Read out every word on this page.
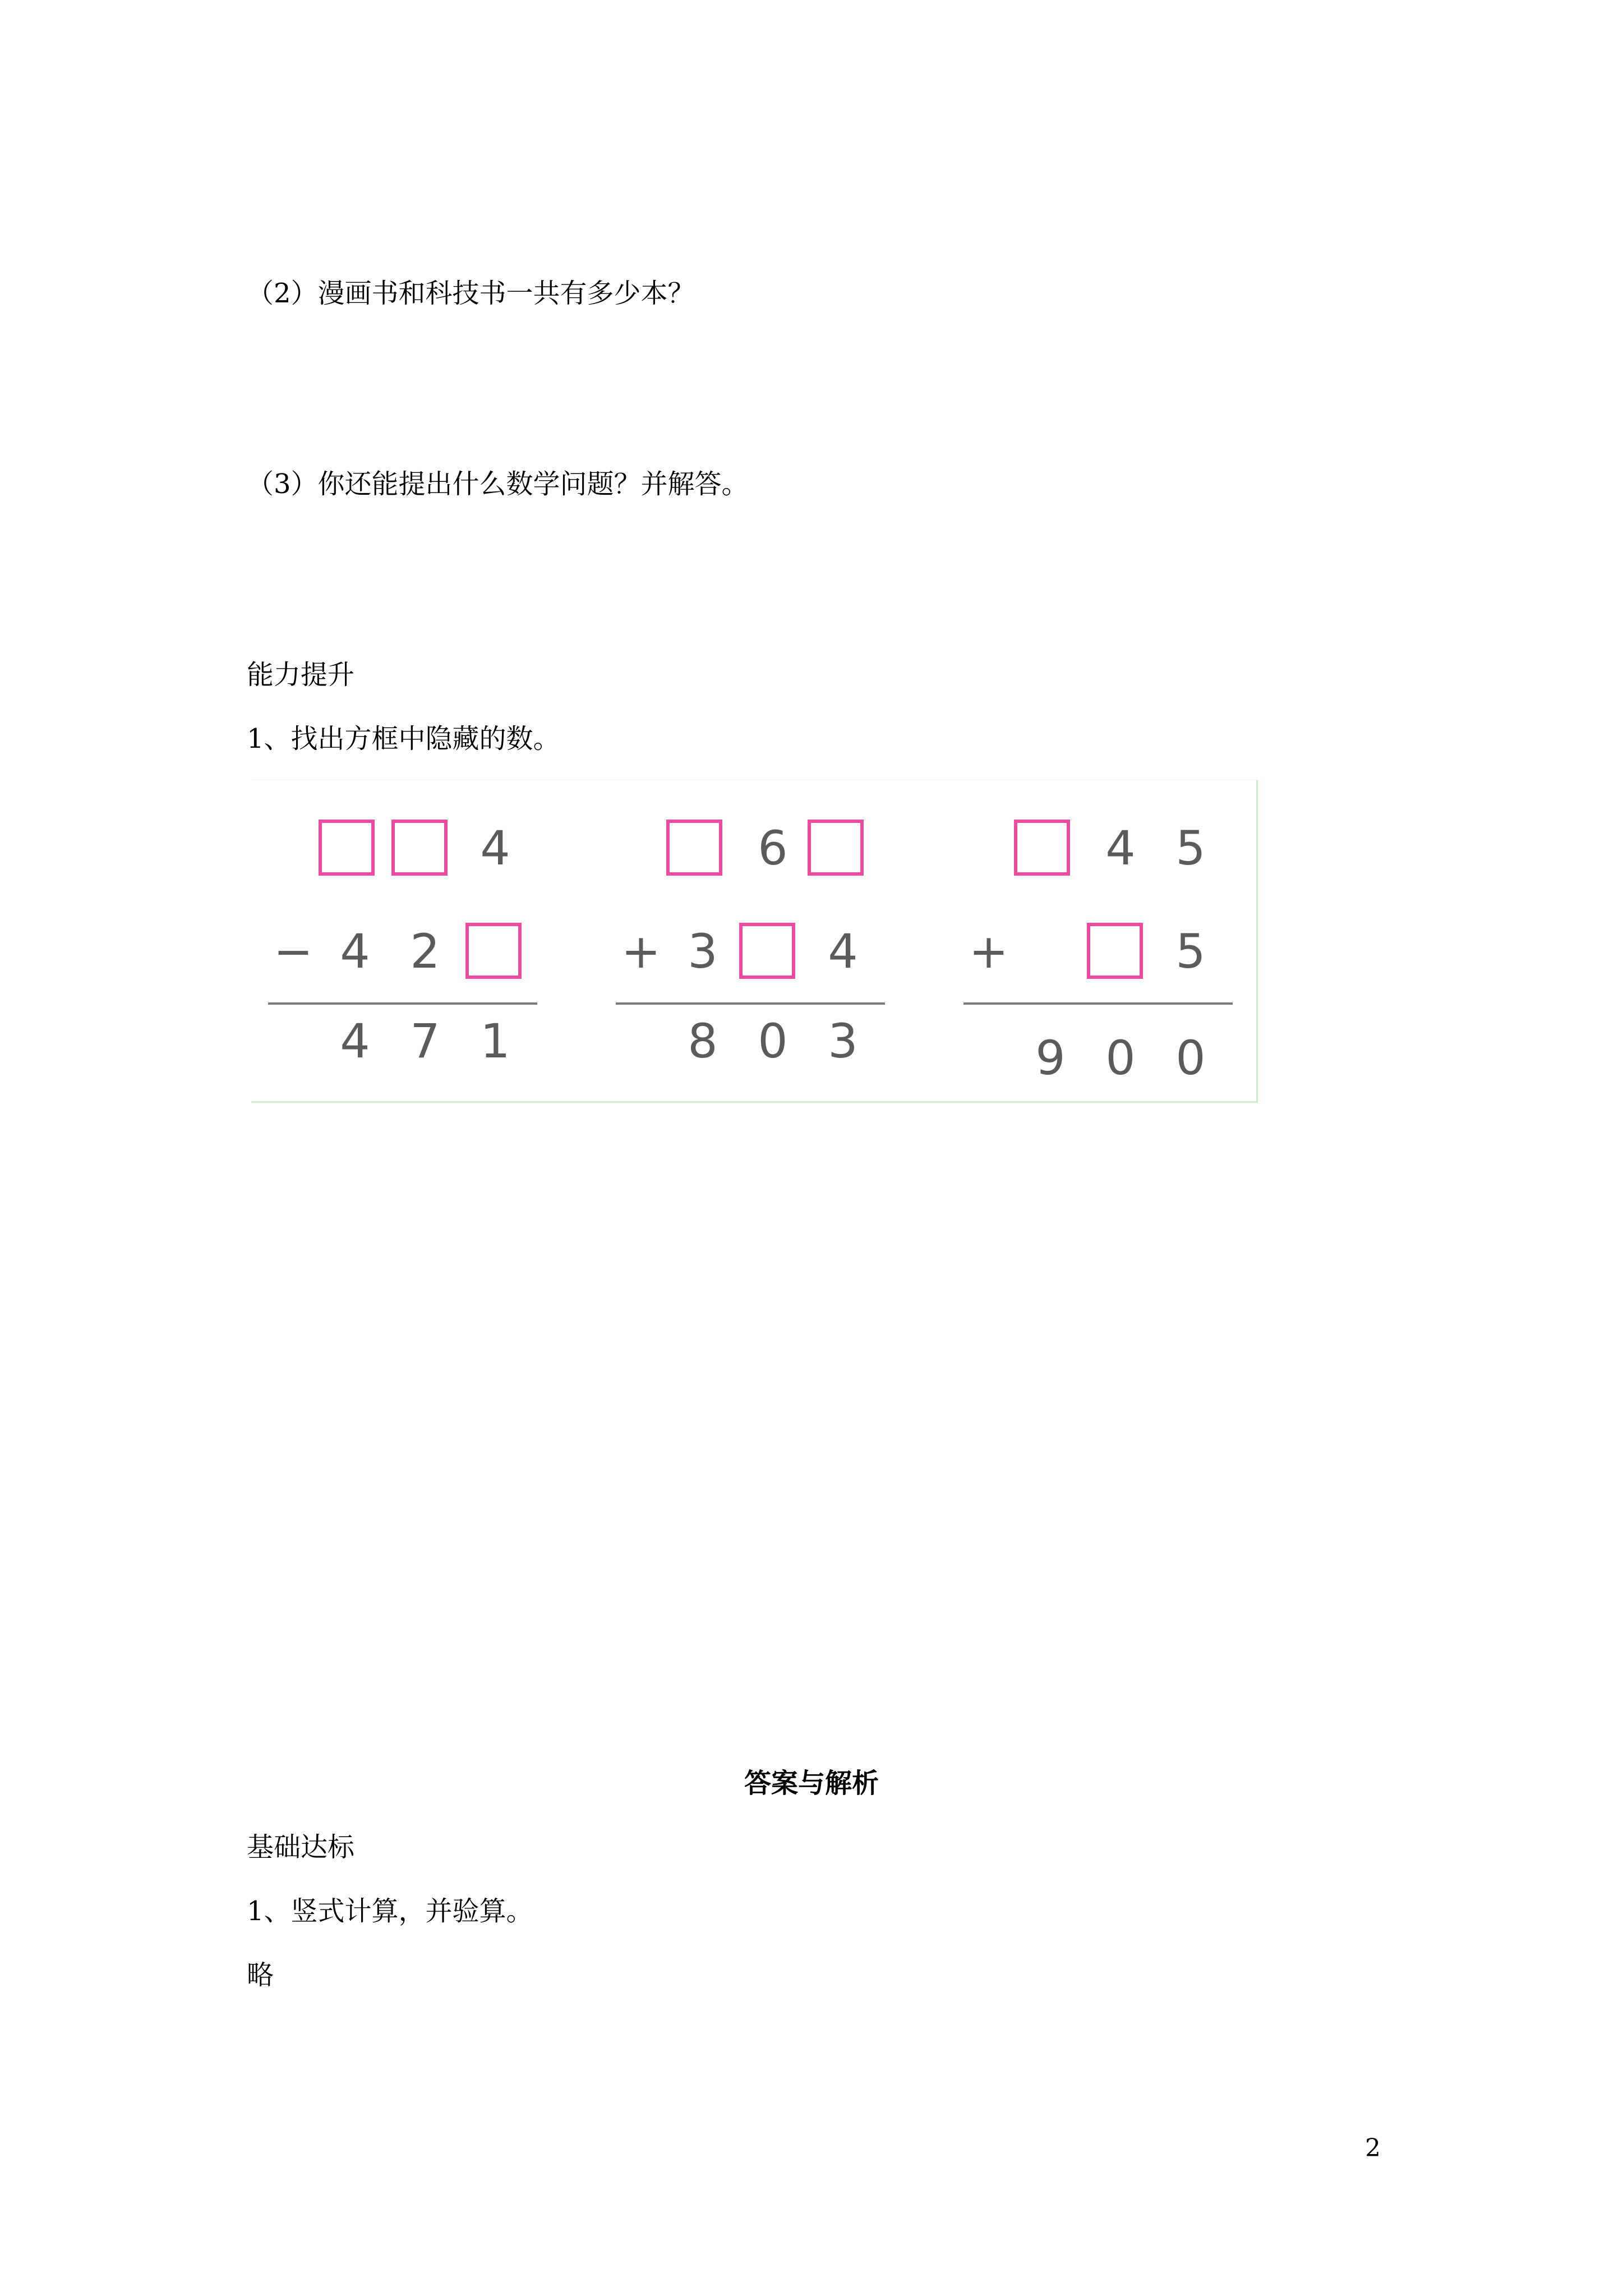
（2）漫画书和科技书一共有多少本？
（3）你还能提出什么数学问题？并解答。
能力提升
1、找出方框中隐藏的数。
4
− 4 2
4 7 1
6
+ 3	4
8 0 3
4 5
+	5
9 0 0
答案与解析
基础达标
1、竖式计算，并验算。
略
2
